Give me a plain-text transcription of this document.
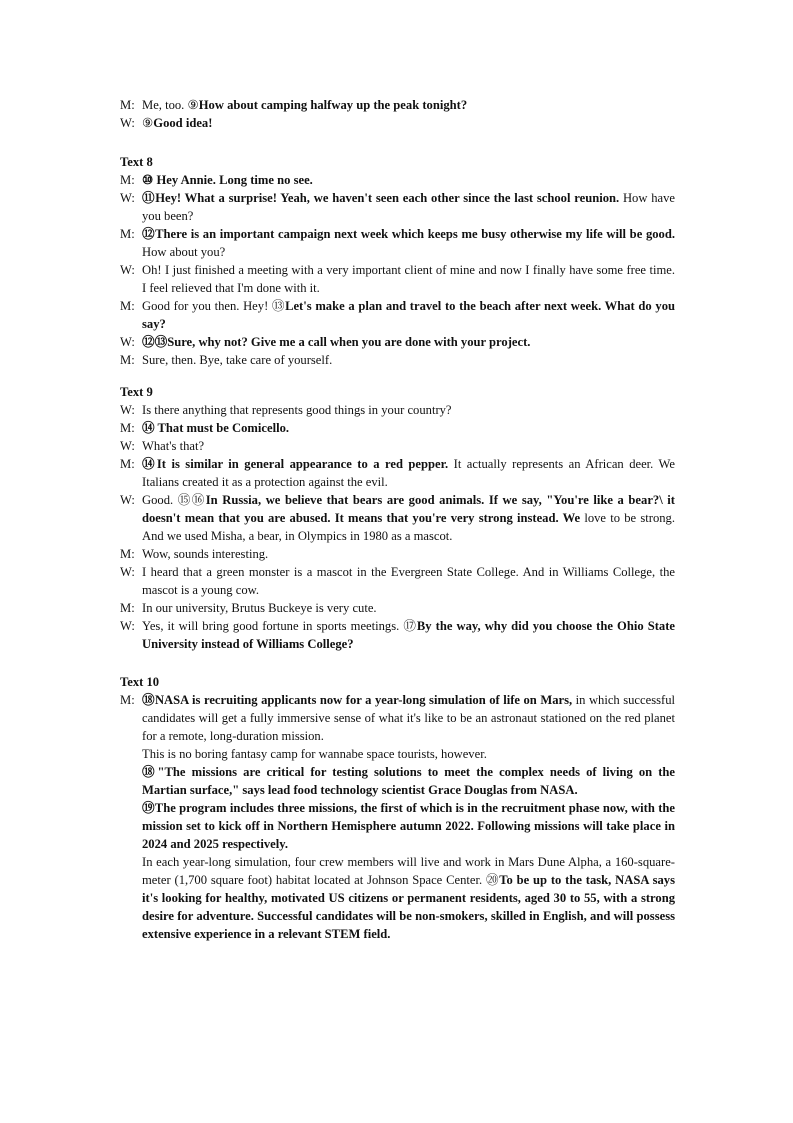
M: Me, too. ⑨How about camping halfway up the peak tonight?
W: ⑨Good idea!
Text 8
M: ⑩ Hey Annie. Long time no see.
W: ⑪Hey! What a surprise! Yeah, we haven't seen each other since the last school reunion. How have you been?
M: ⑫There is an important campaign next week which keeps me busy otherwise my life will be good. How about you?
W: Oh! I just finished a meeting with a very important client of mine and now I finally have some free time. I feel relieved that I'm done with it.
M: Good for you then. Hey! ⑬Let's make a plan and travel to the beach after next week. What do you say?
W: ⑫⑬Sure, why not? Give me a call when you are done with your project.
M: Sure, then. Bye, take care of yourself.
Text 9
W: Is there anything that represents good things in your country?
M: ⑭ That must be Comicello.
W: What's that?
M: ⑭It is similar in general appearance to a red pepper. It actually represents an African deer. We Italians created it as a protection against the evil.
W: Good. ⑮⑯In Russia, we believe that bears are good animals. If we say, "You're like a bear?\ it doesn't mean that you are abused. It means that you're very strong instead. We love to be strong. And we used Misha, a bear, in Olympics in 1980 as a mascot.
M: Wow, sounds interesting.
W: I heard that a green monster is a mascot in the Evergreen State College. And in Williams College, the mascot is a young cow.
M: In our university, Brutus Buckeye is very cute.
W: Yes, it will bring good fortune in sports meetings. ⑰By the way, why did you choose the Ohio State University instead of Williams College?
Text 10
M: ⑱NASA is recruiting applicants now for a year-long simulation of life on Mars, in which successful candidates will get a fully immersive sense of what it's like to be an astronaut stationed on the red planet for a remote, long-duration mission.
This is no boring fantasy camp for wannabe space tourists, however.
⑱"The missions are critical for testing solutions to meet the complex needs of living on the Martian surface," says lead food technology scientist Grace Douglas from NASA.
⑲The program includes three missions, the first of which is in the recruitment phase now, with the mission set to kick off in Northern Hemisphere autumn 2022. Following missions will take place in 2024 and 2025 respectively.
In each year-long simulation, four crew members will live and work in Mars Dune Alpha, a 160-square-meter (1,700 square foot) habitat located at Johnson Space Center. ⑳To be up to the task, NASA says it's looking for healthy, motivated US citizens or permanent residents, aged 30 to 55, with a strong desire for adventure. Successful candidates will be non-smokers, skilled in English, and will possess extensive experience in a relevant STEM field.
